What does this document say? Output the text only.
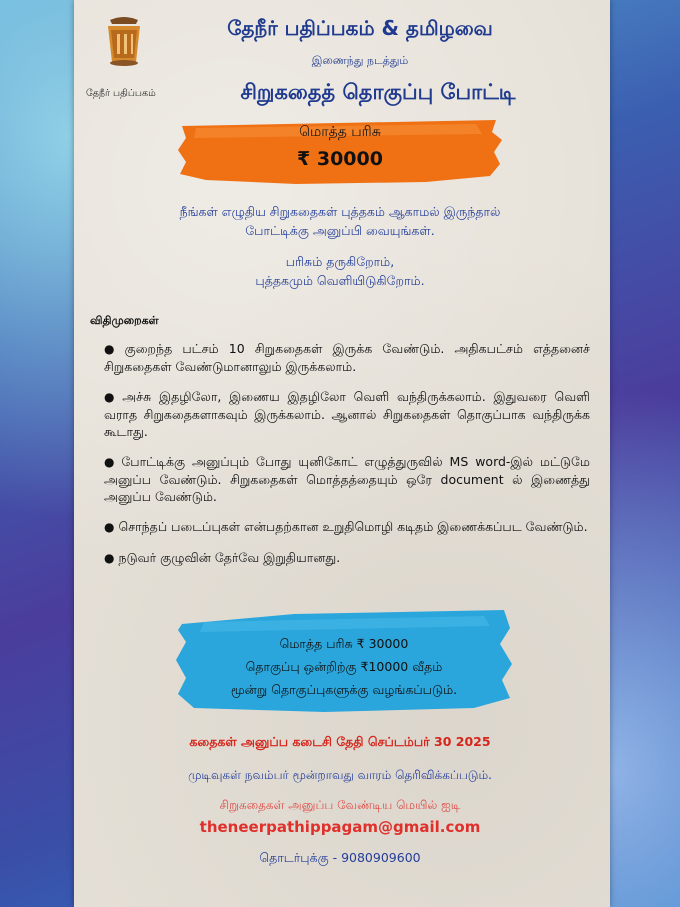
தேநீர் பதிப்பகம்
தேநீர் பதிப்பகம் & தமிழவை
இணைந்து நடத்தும்
சிறுகதைத் தொகுப்பு போட்டி
மொத்த பரிசு
₹ 30000
நீங்கள் எழுதிய சிறுகதைகள் புத்தகம் ஆகாமல் இருந்தால்
போட்டிக்கு அனுப்பி வையுங்கள்.
பரிசும் தருகிறோம்,
புத்தகமும் வெளியிடுகிறோம்.
விதிமுறைகள்
● குறைந்த பட்சம் 10 சிறுகதைகள் இருக்க வேண்டும். அதிகபட்சம் எத்தனைச் சிறுகதைகள் வேண்டுமானாலும் இருக்கலாம்.
● அச்சு இதழிலோ, இணைய இதழிலோ வெளி வந்திருக்கலாம். இதுவரை வெளி வராத சிறுகதைகளாகவும் இருக்கலாம். ஆனால் சிறுகதைகள் தொகுப்பாக வந்திருக்க கூடாது.
● போட்டிக்கு அனுப்பும் போது யுனிகோட் எழுத்துருவில் MS word-இல் மட்டுமே அனுப்ப வேண்டும். சிறுகதைகள் மொத்தத்தையும் ஒரே document ல் இணைத்து அனுப்ப வேண்டும்.
● சொந்தப் படைப்புகள் என்பதற்கான உறுதிமொழி கடிதம் இணைக்கப்பட வேண்டும்.
● நடுவர் குழுவின் தேர்வே இறுதியானது.
மொத்த பரிசு ₹ 30000
தொகுப்பு ஒன்றிற்கு ₹10000 வீதம்
மூன்று தொகுப்புகளுக்கு வழங்கப்படும்.
கதைகள் அனுப்ப கடைசி தேதி செப்டம்பர் 30 2025
முடிவுகள் நவம்பர் மூன்றாவது வாரம் தெரிவிக்கப்படும்.
சிறுகதைகள் அனுப்ப வேண்டிய மெயில் ஐடி
theneerpathippagam@gmail.com
தொடர்புக்கு - 9080909600
